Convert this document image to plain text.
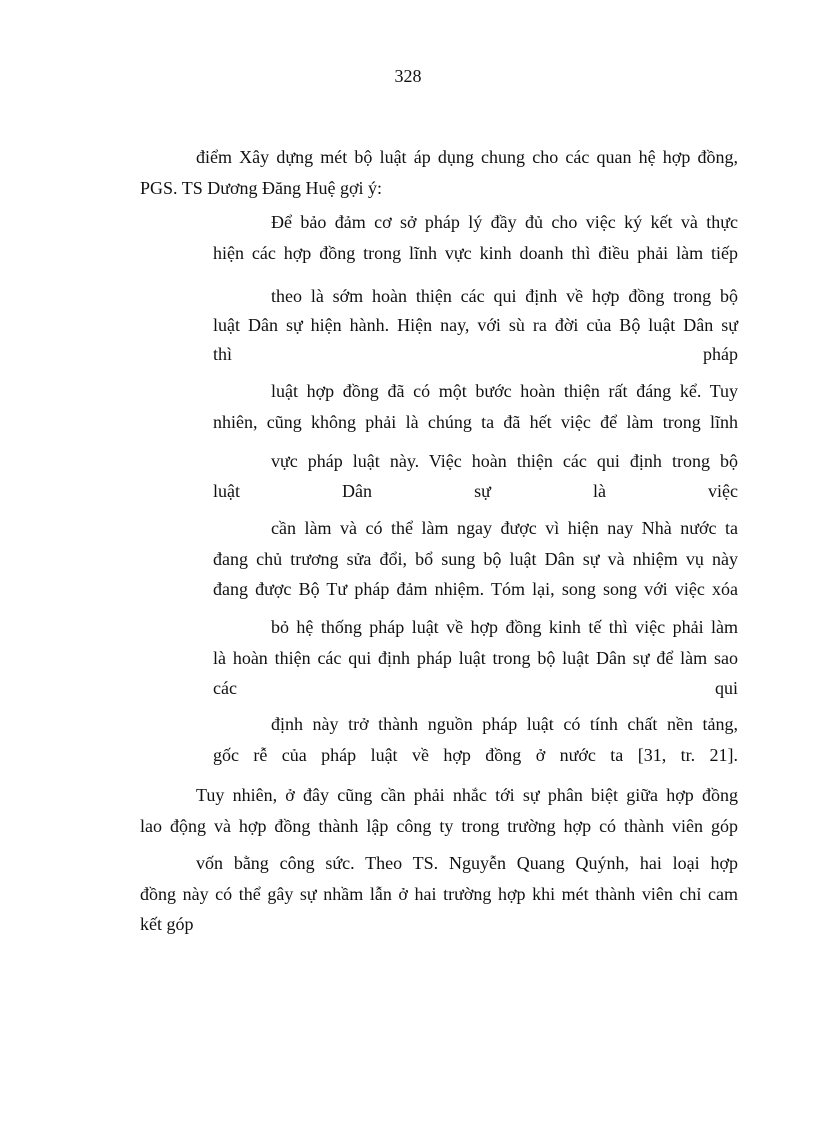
328
điểm Xây dựng mét bộ luật áp dụng chung cho các quan hệ hợp đồng,
PGS. TS Dương Đăng Huệ gợi ý:
Để bảo đảm cơ sở pháp lý đầy đủ cho việc ký kết và thực
hiện các hợp đồng trong lĩnh vực kinh doanh thì điều phải làm tiếp
theo là sớm hoàn thiện các qui định về hợp đồng trong bộ
luật Dân sự hiện hành. Hiện nay, với sù ra đời của Bộ luật Dân sự
thì pháp
luật hợp đồng đã có một bước hoàn thiện rất đáng kể. Tuy
nhiên, cũng không phải là chúng ta đã hết việc để làm trong lĩnh
vực pháp luật này. Việc hoàn thiện các qui định trong bộ
luật Dân sự là việc
cần làm và có thể làm ngay được vì hiện nay Nhà nước ta
đang chủ trương sửa đổi, bổ sung bộ luật Dân sự và nhiệm vụ này
đang được Bộ Tư pháp đảm nhiệm. Tóm lại, song song với việc xóa
bỏ hệ thống pháp luật về hợp đồng kinh tế thì việc phải làm
là hoàn thiện các qui định pháp luật trong bộ luật Dân sự để làm sao
các qui
định này trở thành nguồn pháp luật có tính chất nền tảng,
gốc rễ của pháp luật về hợp đồng ở nước ta [31, tr. 21].
Tuy nhiên, ở đây cũng cần phải nhắc tới sự phân biệt giữa hợp đồng
lao động và hợp đồng thành lập công ty trong trường hợp có thành viên góp
vốn bằng công sức. Theo TS. Nguyễn Quang Quýnh, hai loại hợp
đồng này có thể gây sự nhầm lẫn ở hai trường hợp khi mét thành viên chỉ cam
kết góp
